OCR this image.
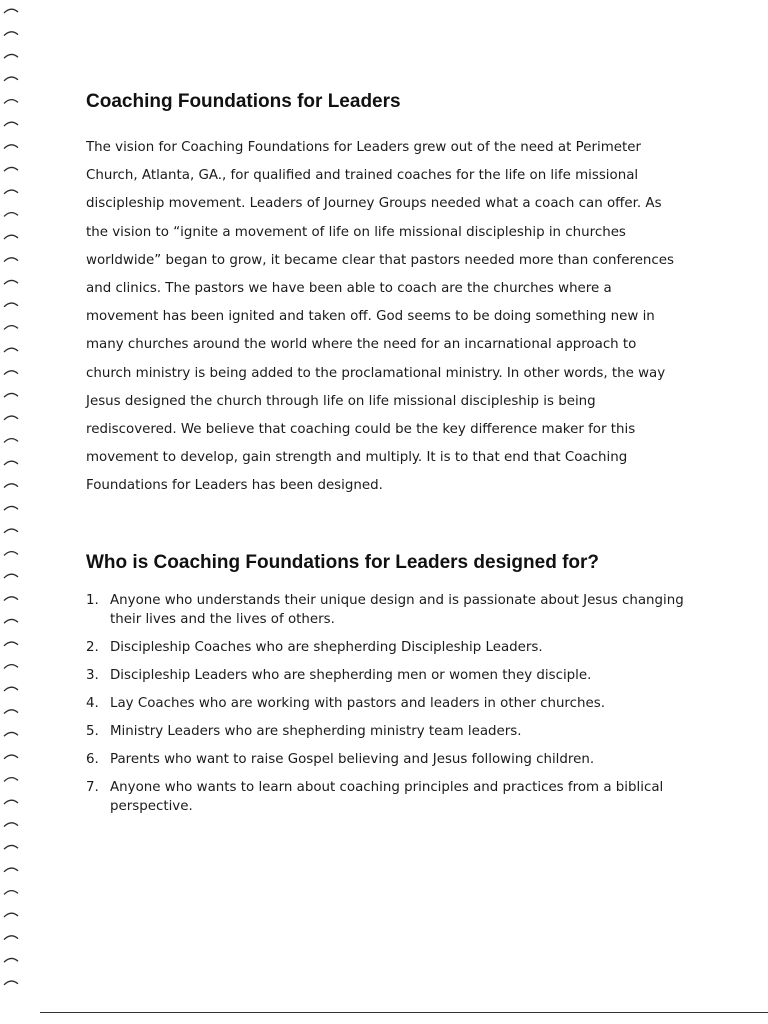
Coaching Foundations for Leaders

The vision for Coaching Foundations for Leaders grew out of the need at Perimeter Church, Atlanta, GA., for qualified and trained coaches for the life on life missional discipleship movement. Leaders of Journey Groups needed what a coach can offer. As the vision to “ignite a movement of life on life missional discipleship in churches worldwide” began to grow, it became clear that pastors needed more than conferences and clinics. The pastors we have been able to coach are the churches where a movement has been ignited and taken off. God seems to be doing something new in many churches around the world where the need for an incarnational approach to church ministry is being added to the proclamational ministry. In other words, the way Jesus designed the church through life on life missional discipleship is being rediscovered. We believe that coaching could be the key difference maker for this movement to develop, gain strength and multiply. It is to that end that Coaching Foundations for Leaders has been designed.

Who is Coaching Foundations for Leaders designed for?
1. Anyone who understands their unique design and is passionate about Jesus changing their lives and the lives of others.
2. Discipleship Coaches who are shepherding Discipleship Leaders.
3. Discipleship Leaders who are shepherding men or women they disciple.
4. Lay Coaches who are working with pastors and leaders in other churches.
5. Ministry Leaders who are shepherding ministry team leaders.
6. Parents who want to raise Gospel believing and Jesus following children.
7. Anyone who wants to learn about coaching principles and practices from a biblical perspective.
